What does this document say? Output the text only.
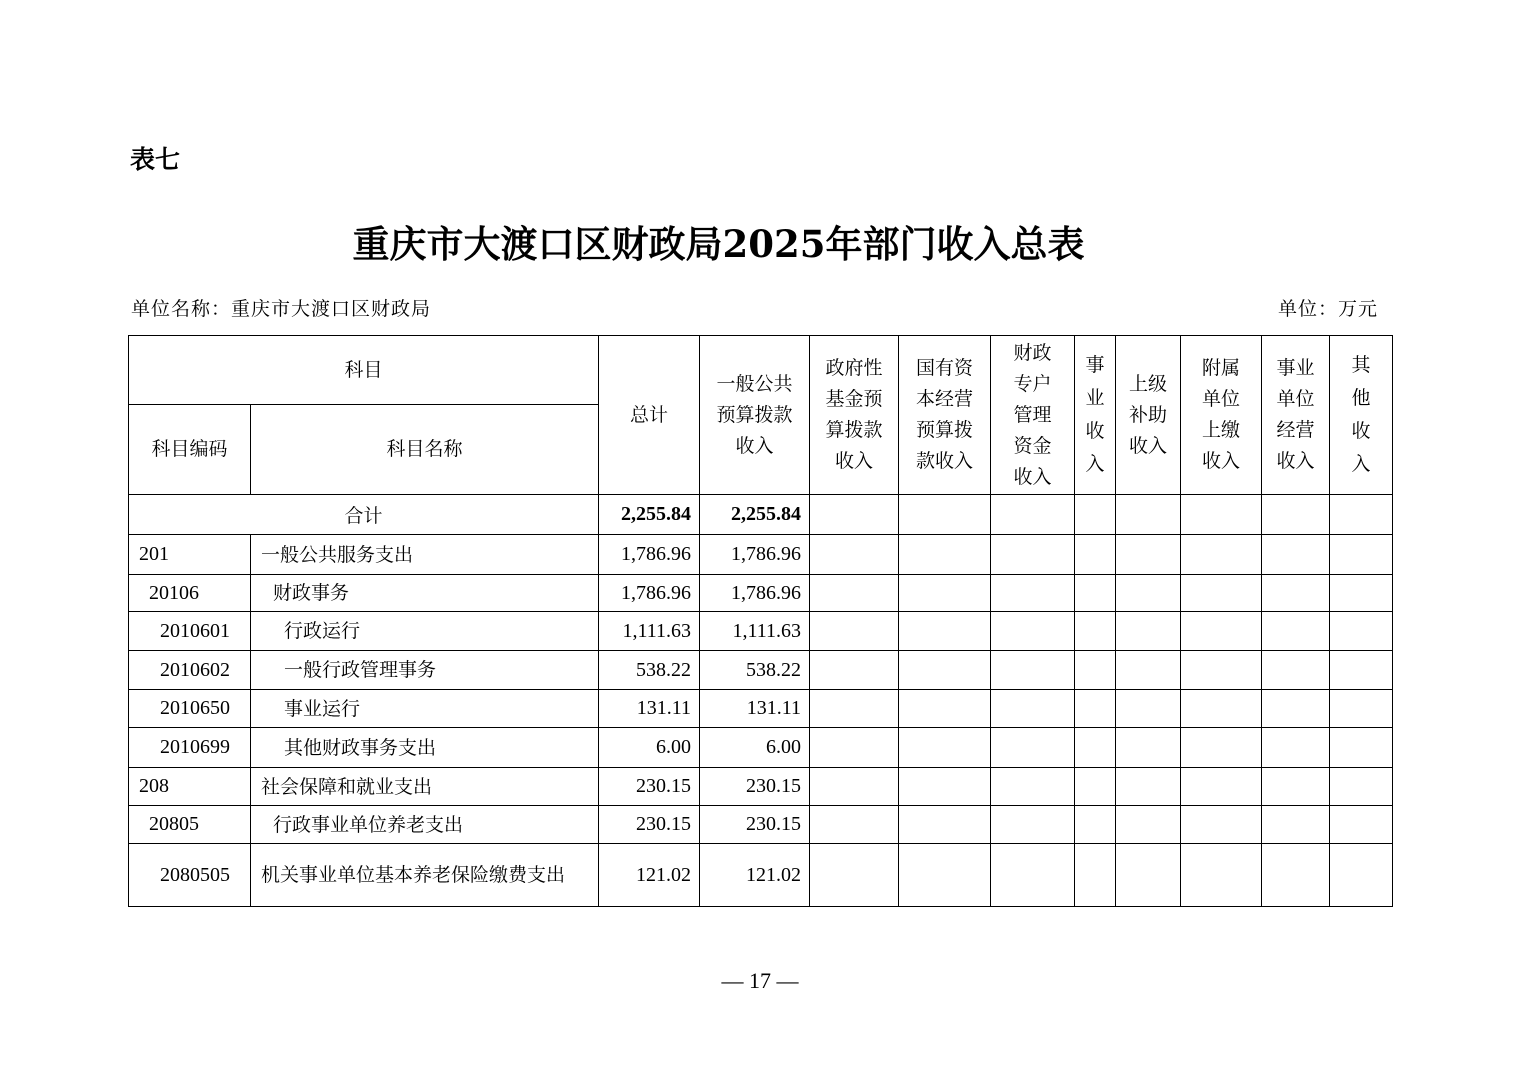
表七
重庆市大渡口区财政局2025年部门收入总表
单位名称：重庆市大渡口区财政局	单位：万元
科目		总计	一般公共预算拨款收入	政府性基金预算拨款收入	国有资本经营预算拨款收入	财政专户管理资金收入	事业收入	上级补助收入	附属单位上缴收入	事业单位经营收入	其他收入
科目编码	科目名称										
合计		2,255.84	2,255.84								
201	一般公共服务支出	1,786.96	1,786.96								
20106	财政事务	1,786.96	1,786.96								
2010601	行政运行	1,111.63	1,111.63								
2010602	一般行政管理事务	538.22	538.22								
2010650	事业运行	131.11	131.11								
2010699	其他财政事务支出	6.00	6.00								
208	社会保障和就业支出	230.15	230.15								
20805	行政事业单位养老支出	230.15	230.15								
2080505	机关事业单位基本养老保险缴费支出	121.02	121.02								
— 17 —
